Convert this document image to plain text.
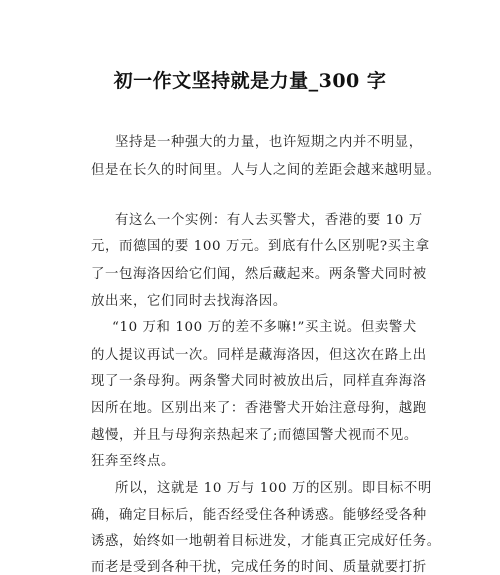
初一作文坚持就是力量_300 字
坚持是一种强大的力量，也许短期之内并不明显，
但是在长久的时间里。人与人之间的差距会越来越明显。
有这么一个实例：有人去买警犬，香港的要 10 万
元，而德国的要 100 万元。到底有什么区别呢?买主拿
了一包海洛因给它们闻，然后藏起来。两条警犬同时被
放出来，它们同时去找海洛因。
“10 万和 100 万的差不多嘛!”买主说。但卖警犬
的人提议再试一次。同样是藏海洛因，但这次在路上出
现了一条母狗。两条警犬同时被放出后，同样直奔海洛
因所在地。区别出来了：香港警犬开始注意母狗，越跑
越慢，并且与母狗亲热起来了;而德国警犬视而不见。
狂奔至终点。
所以，这就是 10 万与 100 万的区别。即目标不明
确，确定目标后，能否经受住各种诱惑。能够经受各种
诱惑，始终如一地朝着目标进发，才能真正完成好任务。
而老是受到各种干扰，完成任务的时间、质量就要打折
